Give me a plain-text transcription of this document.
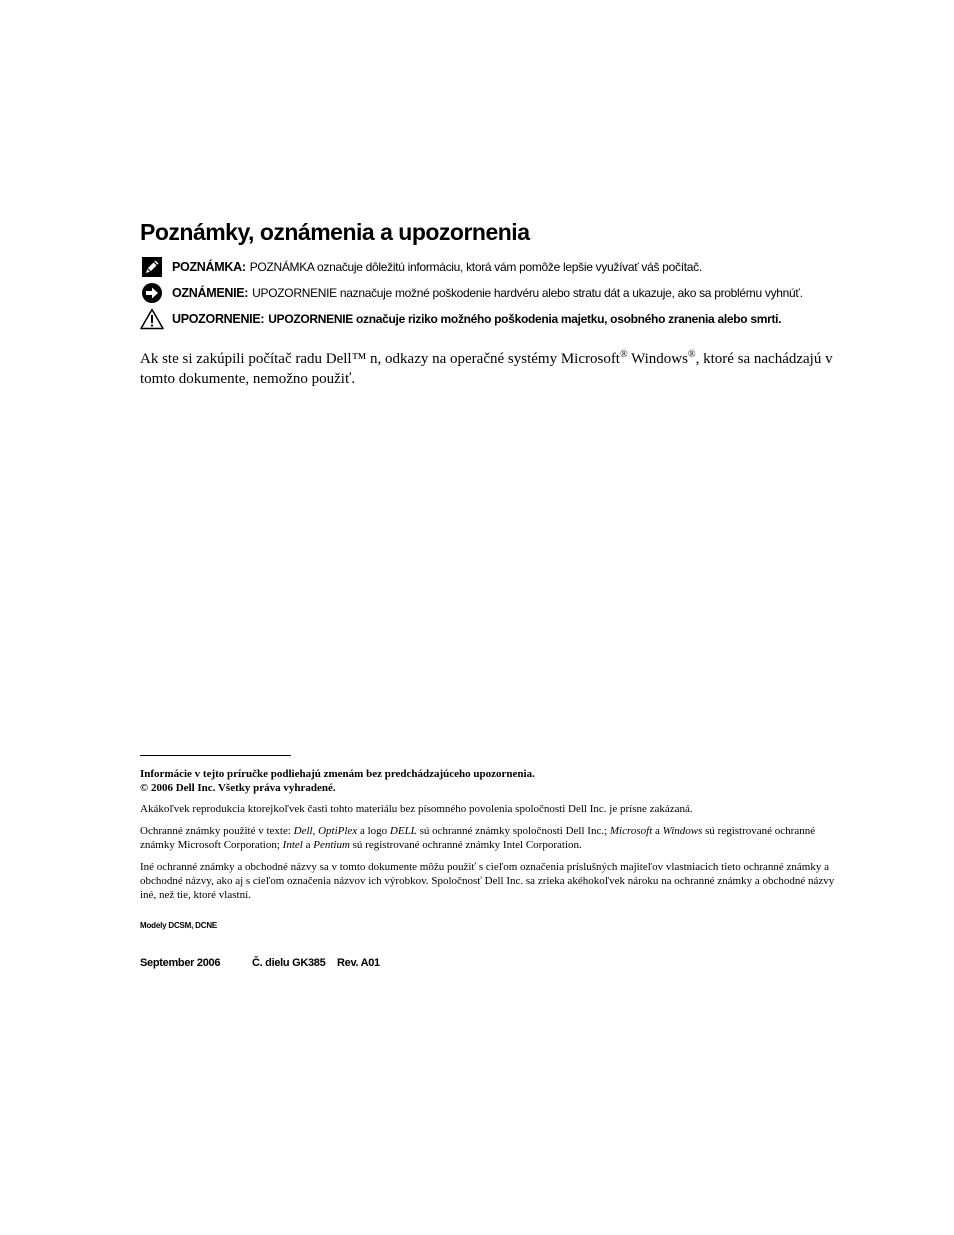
Poznámky, oznámenia a upozornenia
POZNÁMKA: POZNÁMKA označuje dôležitú informáciu, ktorá vám pomôže lepšie využívať váš počítač.
OZNÁMENIE: UPOZORNENIE naznačuje možné poškodenie hardvéru alebo stratu dát a ukazuje, ako sa problému vyhnúť.
UPOZORNENIE: UPOZORNENIE označuje riziko možného poškodenia majetku, osobného zranenia alebo smrti.

Ak ste si zakúpili počítač radu Dell™ n, odkazy na operačné systémy Microsoft® Windows®, ktoré sa nachádzajú v tomto dokumente, nemožno použiť.

Informácie v tejto príručke podliehajú zmenám bez predchádzajúceho upozornenia.

© 2006 Dell Inc. Všetky práva vyhradené.

Akákoľvek reprodukcia ktorejkoľvek časti tohto materiálu bez písomného povolenia spoločnosti Dell Inc. je prísne zakázaná.

Ochranné známky použité v texte: Dell, OptiPlex a logo DELL sú ochranné známky spoločnosti Dell Inc.; Microsoft a Windows sú registrované ochranné známky Microsoft Corporation; Intel a Pentium sú registrované ochranné známky Intel Corporation.

Iné ochranné známky a obchodné názvy sa v tomto dokumente môžu použiť s cieľom označenia príslušných majiteľov vlastniacich tieto ochranné známky a obchodné názvy, ako aj s cieľom označenia názvov ich výrobkov. Spoločnosť Dell Inc. sa zrieka akéhokoľvek nároku na ochranné známky a obchodné názvy iné, než tie, ktoré vlastní.

Modely DCSM, DCNE
September 2006	Č. dielu GK385 Rev. A01
